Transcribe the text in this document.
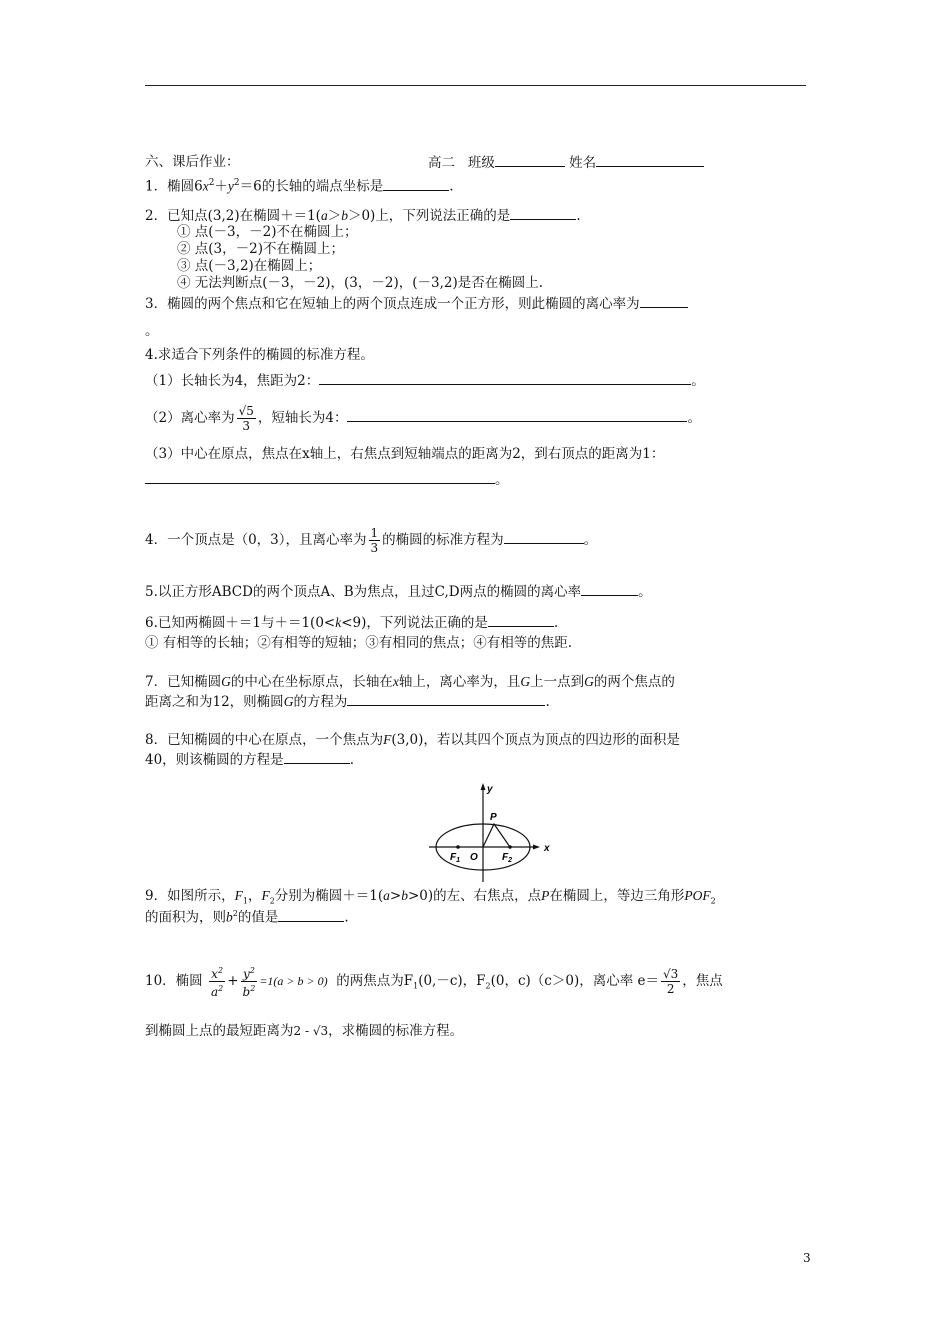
六、课后作业：	高二 班级	姓名
1．椭圆$6x^2+y^2=6$的长轴的端点坐标是	.
2．已知点(3,2)在椭圆＋＝1(a＞b＞0)上，下列说法正确的是	.
① 点(－3，－2)不在椭圆上；
② 点(3，－2)不在椭圆上；
③ 点(－3,2)在椭圆上；
④ 无法判断点(－3，－2)，(3，－2)，(－3,2)是否在椭圆上.
3．椭圆的两个焦点和它在短轴上的两个顶点连成一个正方形，则此椭圆的离心率为
。
4.求适合下列条件的椭圆的标准方程。
（1）长轴长为4，焦距为2：	。
（2）离心率为 $\frac{√5}{3}$ ，短轴长为4：	。
（3）中心在原点，焦点在x轴上，右焦点到短轴端点的距离为2，到右顶点的距离为1：
。
4．一个顶点是（0，3），且离心率为 $\frac{1}{3}$ 的椭圆的标准方程为	。
5.以正方形ABCD的两个顶点A、B为焦点，且过C,D两点的椭圆的离心率	。
6.已知两椭圆＋＝1与＋＝1(0<k<9)，下列说法正确的是	.
① 有相等的长轴；②有相等的短轴；③有相同的焦点；④有相等的焦距.
7．已知椭圆G的中心在坐标原点，长轴在x轴上，离心率为，且G上一点到G的两个焦点的
距离之和为12，则椭圆G的方程为	.
8．已知椭圆的中心在原点，一个焦点为F(3,0)，若以其四个顶点为顶点的四边形的面积是
40，则该椭圆的方程是	.
y
x
P
O
$F_1$	$F_2$
9．如图所示，$F_1$，$F_2$分别为椭圆＋＝1(a>b>0)的左、右焦点，点P在椭圆上，等边三角形$POF_2$
的面积为，则$b^2$的值是	.
10．椭圆 $\frac{x^2}{a^2} + \frac{y^2}{b^2} =1(a > b > 0)$ 的两焦点为$F_1(0,-c)$，$F_2(0$，c)（c＞0)，离心率 $e= \frac{√3}{2}$ ，焦点
到椭圆上点的最短距离为2 - √3，求椭圆的标准方程。
3
